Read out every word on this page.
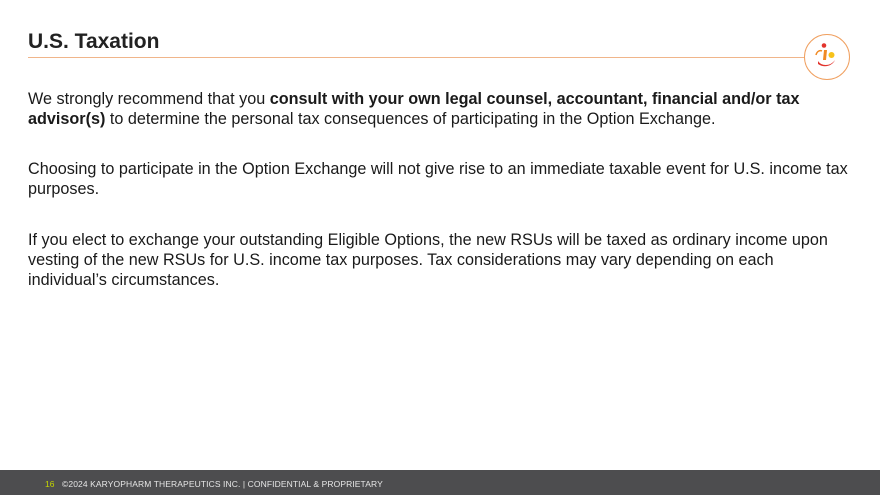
U.S. Taxation

We strongly recommend that you consult with your own legal counsel, accountant, financial and/or tax advisor(s) to determine the personal tax consequences of participating in the Option Exchange.

Choosing to participate in the Option Exchange will not give rise to an immediate taxable event for U.S. income tax purposes.

If you elect to exchange your outstanding Eligible Options, the new RSUs will be taxed as ordinary income upon vesting of the new RSUs for U.S. income tax purposes. Tax considerations may vary depending on each individual’s circumstances.

16 ©2024 KARYOPHARM THERAPEUTICS INC. | CONFIDENTIAL & PROPRIETARY
